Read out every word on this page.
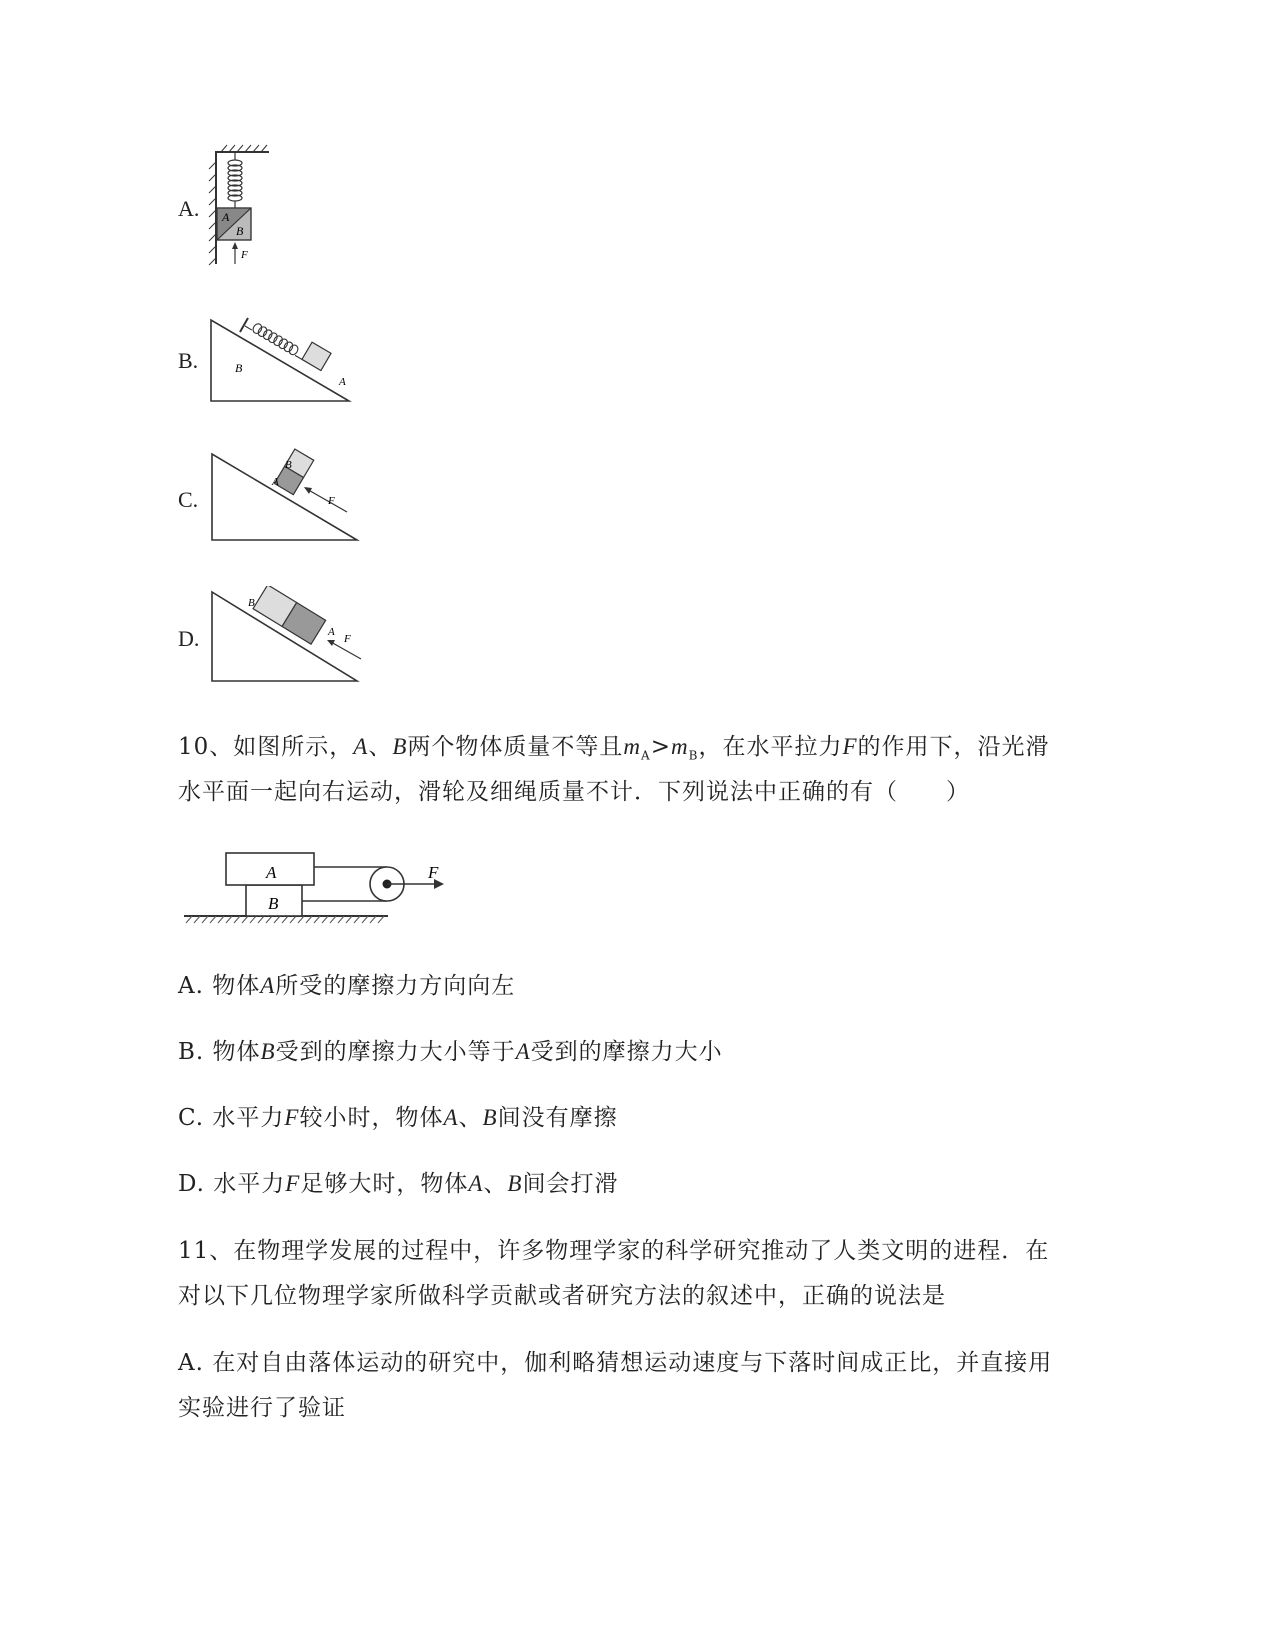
A.
B.
C.
D.
A
B
F
B
A
B
A
F
B
A
F
10、如图所示，A、B两个物体质量不等且$m_A>m_B$，在水平拉力F的作用下，沿光滑
水平面一起向右运动，滑轮及细绳质量不计．下列说法中正确的有（　　）
A
B
F
A. 物体A所受的摩擦力方向向左
B. 物体B受到的摩擦力大小等于A受到的摩擦力大小
C. 水平力F较小时，物体A、B间没有摩擦
D. 水平力F足够大时，物体A、B间会打滑
11、在物理学发展的过程中，许多物理学家的科学研究推动了人类文明的进程．在
对以下几位物理学家所做科学贡献或者研究方法的叙述中，正确的说法是
A. 在对自由落体运动的研究中，伽利略猜想运动速度与下落时间成正比，并直接用
实验进行了验证
